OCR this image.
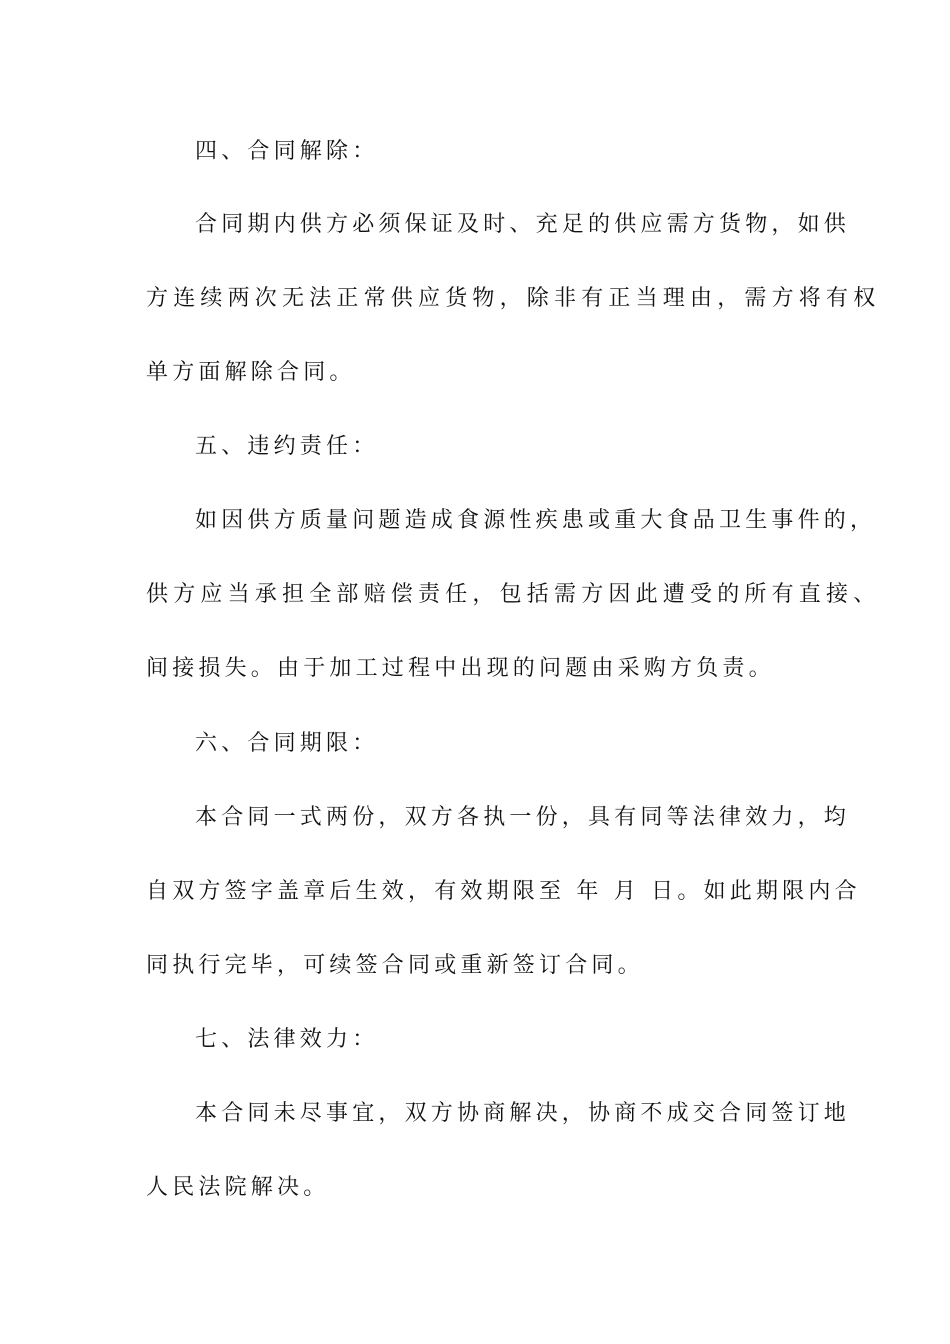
四、合同解除：
合同期内供方必须保证及时、充足的供应需方货物，如供
方连续两次无法正常供应货物，除非有正当理由，需方将有权
单方面解除合同。
五、违约责任：
如因供方质量问题造成食源性疾患或重大食品卫生事件的，
供方应当承担全部赔偿责任，包括需方因此遭受的所有直接、
间接损失。由于加工过程中出现的问题由采购方负责。
六、合同期限：
本合同一式两份，双方各执一份，具有同等法律效力，均
自双方签字盖章后生效，有效期限至 年 月 日。如此期限内合
同执行完毕，可续签合同或重新签订合同。
七、法律效力：
本合同未尽事宜，双方协商解决，协商不成交合同签订地
人民法院解决。
